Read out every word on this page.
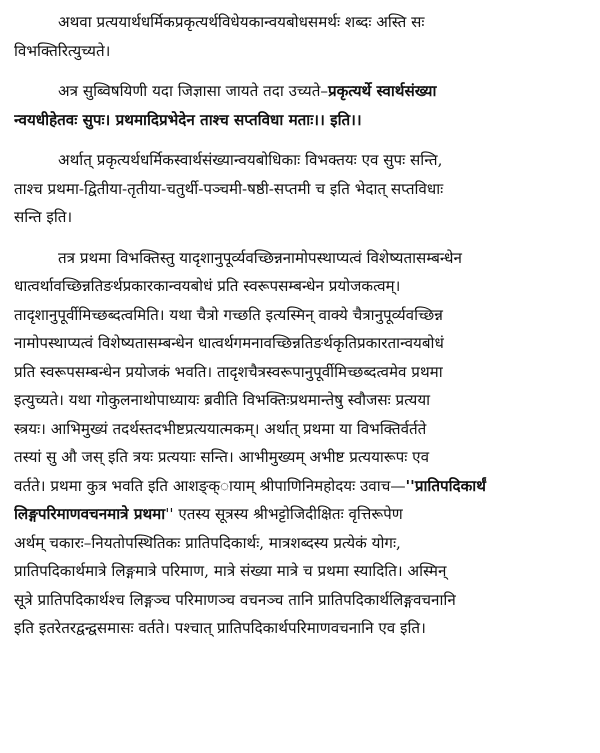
अथवा प्रत्ययार्थधर्मिकप्रकृत्यर्थविधेयकान्वयबोधसमर्थः शब्दः अस्ति सः
विभक्तिरित्युच्यते।
अत्र सुब्विषयिणी यदा जिज्ञासा जायते तदा उच्यते–प्रकृत्यर्थे स्वार्थसंख्या
न्वयधीहेतवः सुपः। प्रथमादिप्रभेदेन ताश्च सप्तविधा मताः।। इति।।
अर्थात् प्रकृत्यर्थधर्मिकस्वार्थसंख्यान्वयबोधिकाः विभक्तयः एव सुपः सन्ति,
ताश्च प्रथमा-द्वितीया-तृतीया-चतुर्थी-पञ्चमी-षष्ठी-सप्तमी च इति भेदात् सप्तविधाः
सन्ति इति।
तत्र प्रथमा विभक्तिस्तु यादृशानुपूर्व्यवच्छिन्ननामोपस्थाप्यत्वं विशेष्यतासम्बन्धेन
धात्वर्थावच्छिन्नतिङर्थप्रकारकान्वयबोधं प्रति स्वरूपसम्बन्धेन प्रयोजकत्वम्।
तादृशानुपूर्वीमिच्छब्दत्वमिति। यथा चैत्रो गच्छति इत्यस्मिन् वाक्ये चैत्रानुपूर्व्यवच्छिन्न
नामोपस्थाप्यत्वं विशेष्यतासम्बन्धेन धात्वर्थगमनावच्छिन्नतिङर्थकृतिप्रकारतान्वयबोधं
प्रति स्वरूपसम्बन्धेन प्रयोजकं भवति। तादृशचैत्रस्वरूपानुपूर्वीमिच्छब्दत्वमेव प्रथमा
इत्युच्यते। यथा गोकुलनाथोपाध्यायः ब्रवीति विभक्तिःप्रथमान्तेषु स्वौजसः प्रत्यया
स्त्रयः। आभिमुख्यं तदर्थस्तदभीष्टप्रत्ययात्मकम्। अर्थात् प्रथमा या विभक्तिर्वर्तते
तस्यां सु औ जस् इति त्रयः प्रत्ययाः सन्ति। आभीमुख्यम् अभीष्ट प्रत्ययारूपः एव
वर्तते। प्रथमा कुत्र भवति इति आशङ्क्ायाम् श्रीपाणिनिमहोदयः उवाच—''प्रातिपदिकार्थं
लिङ्गपरिमाणवचनमात्रे प्रथमा'' एतस्य सूत्रस्य श्रीभट्टोजिदीक्षितः वृत्तिरूपेण
अर्थम् चकारः–नियतोपस्थितिकः प्रातिपदिकार्थः, मात्रशब्दस्य प्रत्येकं योगः,
प्रातिपदिकार्थमात्रे लिङ्गमात्रे परिमाण, मात्रे संख्या मात्रे च प्रथमा स्यादिति। अस्मिन्
सूत्रे प्रातिपदिकार्थश्च लिङ्गञ्च परिमाणञ्च वचनञ्च तानि प्रातिपदिकार्थलिङ्गवचनानि
इति इतरेतरद्वन्द्वसमासः वर्तते। पश्चात् प्रातिपदिकार्थपरिमाणवचनानि एव इति।
